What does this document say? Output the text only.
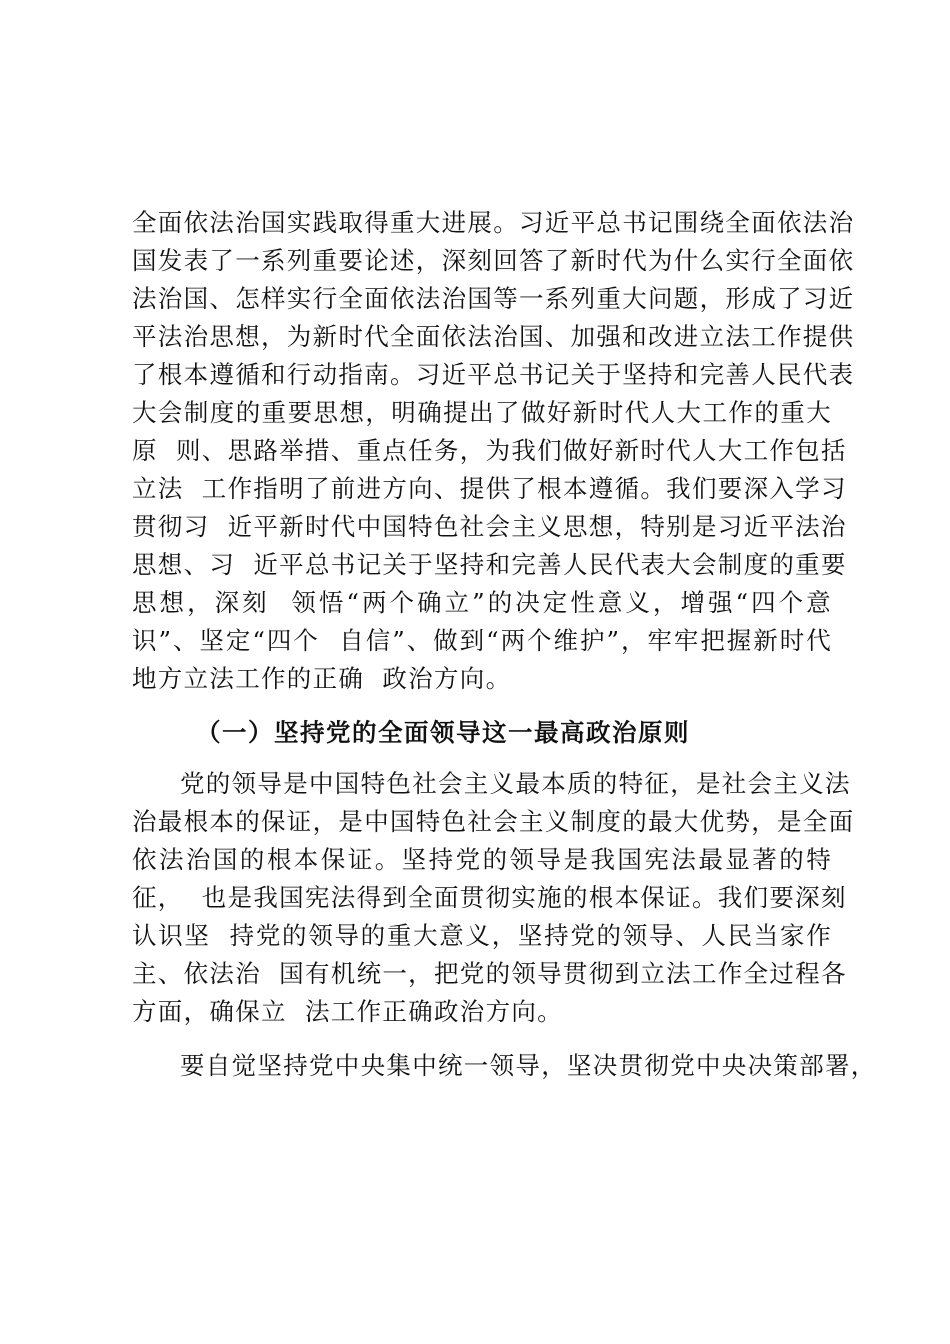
全面依法治国实践取得重大进展。习近平总书记围绕全面依法治
国发表了一系列重要论述，深刻回答了新时代为什么实行全面依
法治国、怎样实行全面依法治国等一系列重大问题，形成了习近
平法治思想，为新时代全面依法治国、加强和改进立法工作提供
了根本遵循和行动指南。习近平总书记关于坚持和完善人民代表
大会制度的重要思想，明确提出了做好新时代人大工作的重大
原  则、思路举措、重点任务，为我们做好新时代人大工作包括
立法  工作指明了前进方向、提供了根本遵循。我们要深入学习
贯彻习  近平新时代中国特色社会主义思想，特别是习近平法治
思想、习  近平总书记关于坚持和完善人民代表大会制度的重要
思想，深刻  领悟“两个确立”的决定性意义，增强“四个意
识”、坚定“四个  自信”、做到“两个维护”，牢牢把握新时代
地方立法工作的正确  政治方向。
（一）坚持党的全面领导这一最高政治原则
党的领导是中国特色社会主义最本质的特征，是社会主义法
治最根本的保证，是中国特色社会主义制度的最大优势，是全面
依法治国的根本保证。坚持党的领导是我国宪法最显著的特
征，  也是我国宪法得到全面贯彻实施的根本保证。我们要深刻
认识坚  持党的领导的重大意义，坚持党的领导、人民当家作
主、依法治  国有机统一，把党的领导贯彻到立法工作全过程各
方面，确保立  法工作正确政治方向。
要自觉坚持党中央集中统一领导，坚决贯彻党中央决策部署，
